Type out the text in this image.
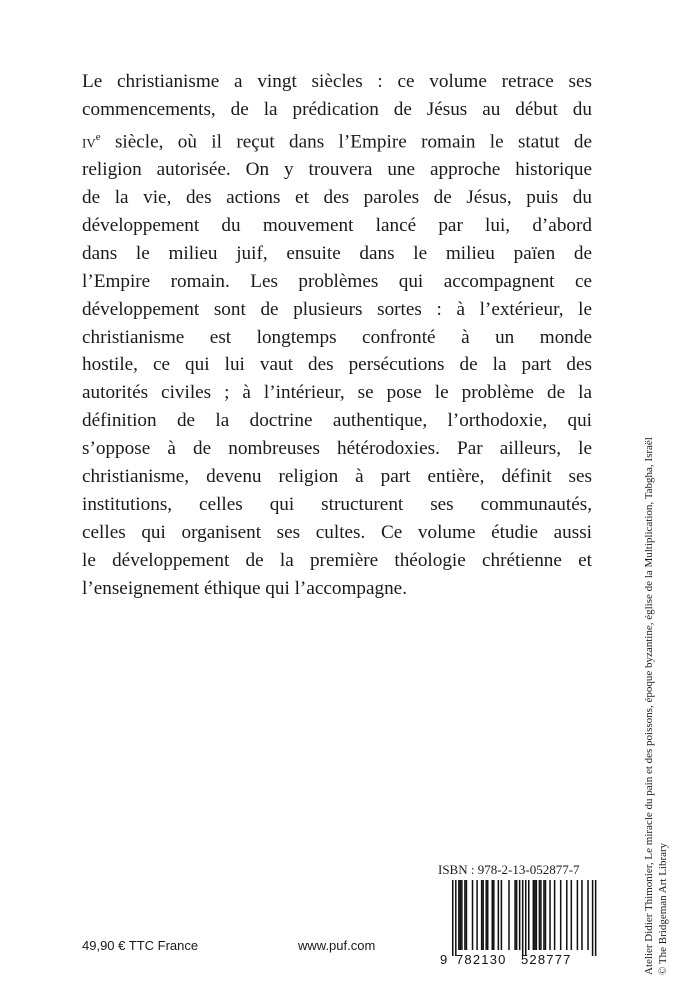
Le christianisme a vingt siècles : ce volume retrace ses
commencements, de la prédication de Jésus au début du
$iv^e$ siècle, où il reçut dans l’Empire romain le statut de
religion autorisée. On y trouvera une approche historique
de la vie, des actions et des paroles de Jésus, puis du
développement du mouvement lancé par lui, d’abord
dans le milieu juif, ensuite dans le milieu païen de
l’Empire romain. Les problèmes qui accompagnent ce
développement sont de plusieurs sortes : à l’extérieur, le
christianisme est longtemps confronté à un monde
hostile, ce qui lui vaut des persécutions de la part des
autorités civiles ; à l’intérieur, se pose le problème de la
définition de la doctrine authentique, l’orthodoxie, qui
s’oppose à de nombreuses hétérodoxies. Par ailleurs, le
christianisme, devenu religion à part entière, définit ses
institutions, celles qui structurent ses communautés,
celles qui organisent ses cultes. Ce volume étudie aussi
le développement de la première théologie chrétienne et
l’enseignement éthique qui l’accompagne.	Atelier Didier Thimonier, Le miracle du pain et des poissons, époque byzantine, église de la Multiplication, Tabgha, Israël © The Bridgeman Art Library
ISBN : 978-2-13-052877-7
9 782130 528777
49,90 € TTC France	www.puf.com
